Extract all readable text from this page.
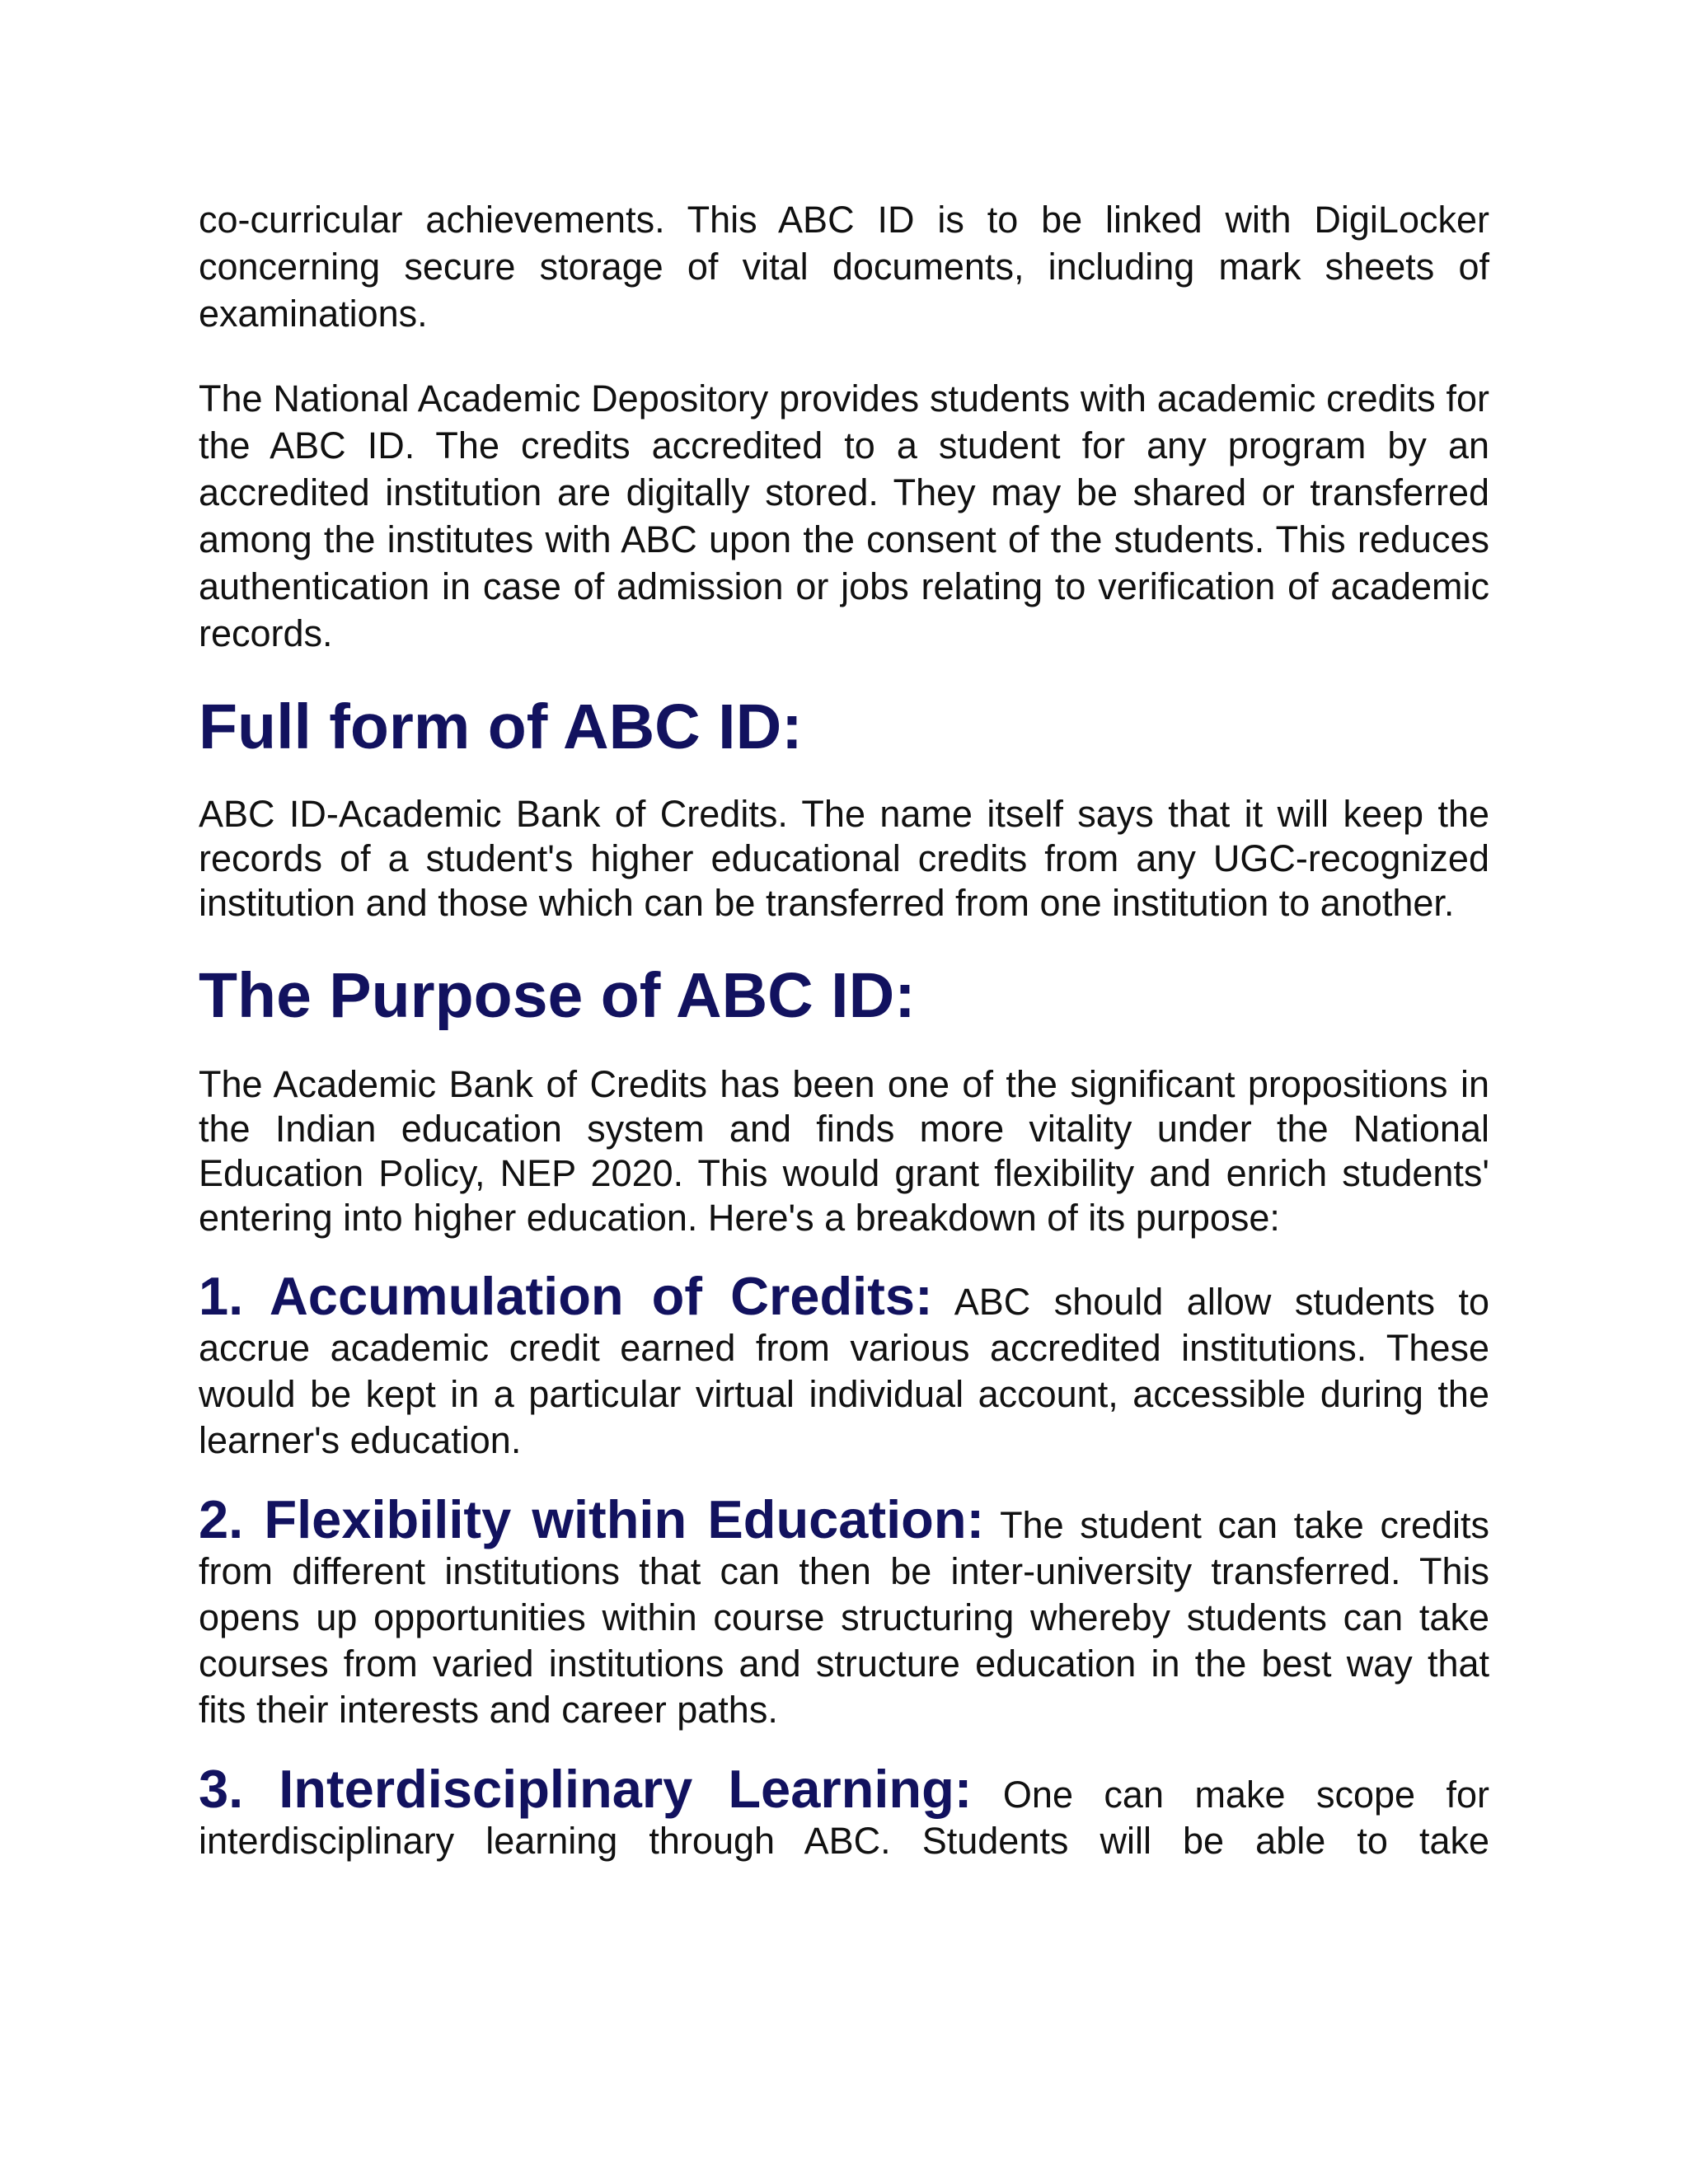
co-curricular achievements. This ABC ID is to be linked with DigiLocker concerning secure storage of vital documents, including mark sheets of examinations.

The National Academic Depository provides students with academic credits for the ABC ID. The credits accredited to a student for any program by an accredited institution are digitally stored. They may be shared or transferred among the institutes with ABC upon the consent of the students. This reduces authentication in case of admission or jobs relating to verification of academic records.

Full form of ABC ID:

ABC ID-Academic Bank of Credits. The name itself says that it will keep the records of a student's higher educational credits from any UGC-recognized institution and those which can be transferred from one institution to another.

The Purpose of ABC ID:

The Academic Bank of Credits has been one of the significant propositions in the Indian education system and finds more vitality under the National Education Policy, NEP 2020. This would grant flexibility and enrich students' entering into higher education. Here's a breakdown of its purpose:

1. Accumulation of Credits: ABC should allow students to accrue academic credit earned from various accredited institutions. These would be kept in a particular virtual individual account, accessible during the learner's education.

2. Flexibility within Education: The student can take credits from different institutions that can then be inter-university transferred. This opens up opportunities within course structuring whereby students can take courses from varied institutions and structure education in the best way that fits their interests and career paths.

3. Interdisciplinary Learning: One can make scope for interdisciplinary learning through ABC. Students will be able to take
